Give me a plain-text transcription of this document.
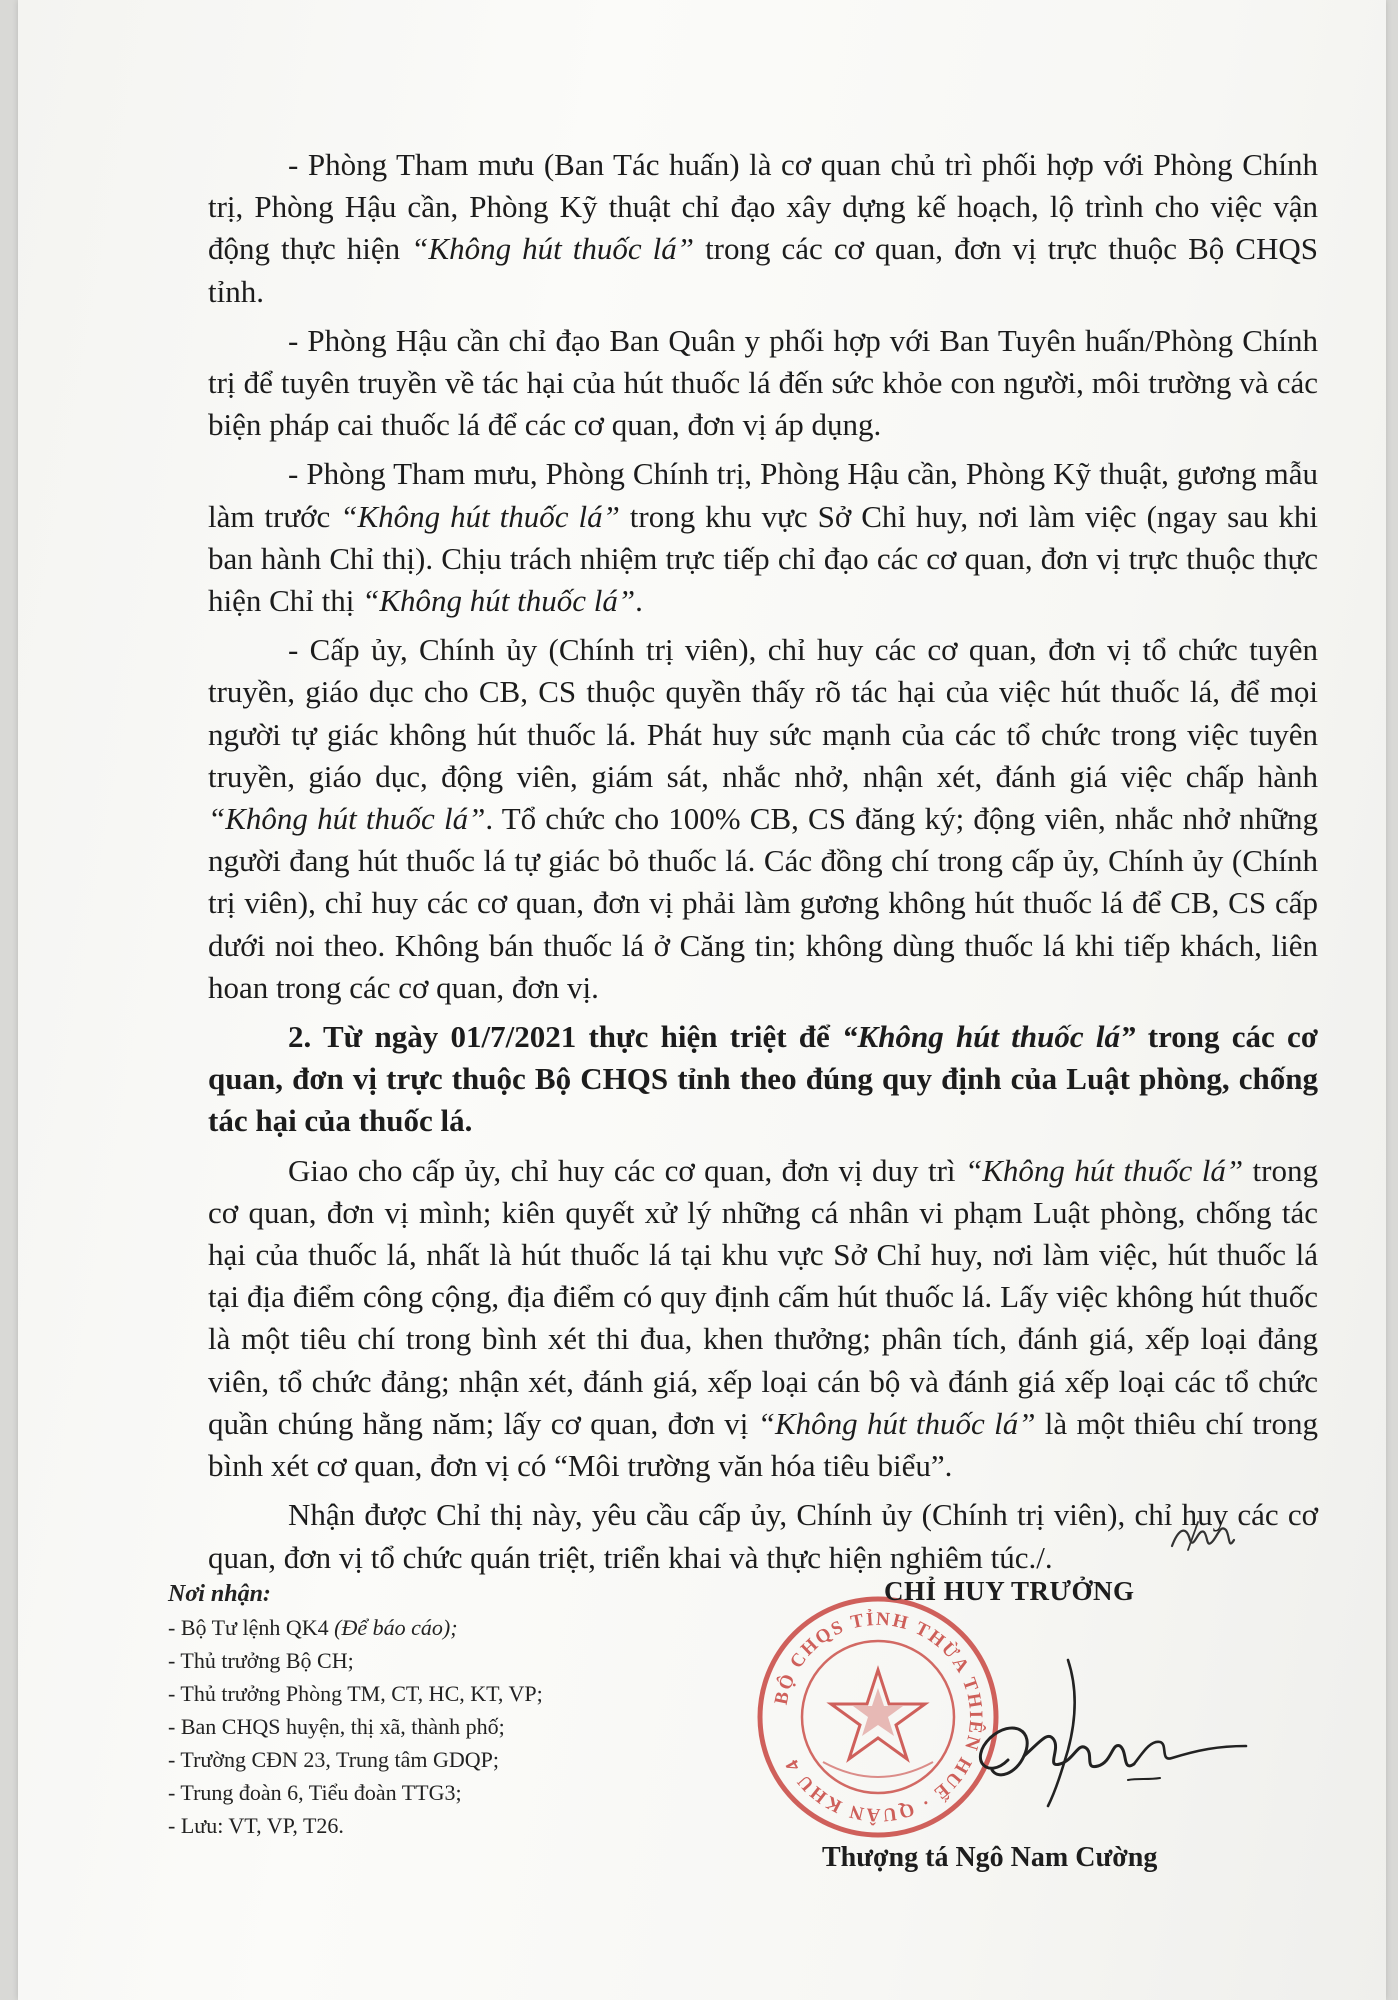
- Phòng Tham mưu (Ban Tác huấn) là cơ quan chủ trì phối hợp với Phòng Chính trị, Phòng Hậu cần, Phòng Kỹ thuật chỉ đạo xây dựng kế hoạch, lộ trình cho việc vận động thực hiện “Không hút thuốc lá” trong các cơ quan, đơn vị trực thuộc Bộ CHQS tỉnh.

- Phòng Hậu cần chỉ đạo Ban Quân y phối hợp với Ban Tuyên huấn/Phòng Chính trị để tuyên truyền về tác hại của hút thuốc lá đến sức khỏe con người, môi trường và các biện pháp cai thuốc lá để các cơ quan, đơn vị áp dụng.

- Phòng Tham mưu, Phòng Chính trị, Phòng Hậu cần, Phòng Kỹ thuật, gương mẫu làm trước “Không hút thuốc lá” trong khu vực Sở Chỉ huy, nơi làm việc (ngay sau khi ban hành Chỉ thị). Chịu trách nhiệm trực tiếp chỉ đạo các cơ quan, đơn vị trực thuộc thực hiện Chỉ thị “Không hút thuốc lá”.

- Cấp ủy, Chính ủy (Chính trị viên), chỉ huy các cơ quan, đơn vị tổ chức tuyên truyền, giáo dục cho CB, CS thuộc quyền thấy rõ tác hại của việc hút thuốc lá, để mọi người tự giác không hút thuốc lá. Phát huy sức mạnh của các tổ chức trong việc tuyên truyền, giáo dục, động viên, giám sát, nhắc nhở, nhận xét, đánh giá việc chấp hành “Không hút thuốc lá”. Tổ chức cho 100% CB, CS đăng ký; động viên, nhắc nhở những người đang hút thuốc lá tự giác bỏ thuốc lá. Các đồng chí trong cấp ủy, Chính ủy (Chính trị viên), chỉ huy các cơ quan, đơn vị phải làm gương không hút thuốc lá để CB, CS cấp dưới noi theo. Không bán thuốc lá ở Căng tin; không dùng thuốc lá khi tiếp khách, liên hoan trong các cơ quan, đơn vị.

2. Từ ngày 01/7/2021 thực hiện triệt để “Không hút thuốc lá” trong các cơ quan, đơn vị trực thuộc Bộ CHQS tỉnh theo đúng quy định của Luật phòng, chống tác hại của thuốc lá.

Giao cho cấp ủy, chỉ huy các cơ quan, đơn vị duy trì “Không hút thuốc lá” trong cơ quan, đơn vị mình; kiên quyết xử lý những cá nhân vi phạm Luật phòng, chống tác hại của thuốc lá, nhất là hút thuốc lá tại khu vực Sở Chỉ huy, nơi làm việc, hút thuốc lá tại địa điểm công cộng, địa điểm có quy định cấm hút thuốc lá. Lấy việc không hút thuốc là một tiêu chí trong bình xét thi đua, khen thưởng; phân tích, đánh giá, xếp loại đảng viên, tổ chức đảng; nhận xét, đánh giá, xếp loại cán bộ và đánh giá xếp loại các tổ chức quần chúng hằng năm; lấy cơ quan, đơn vị “Không hút thuốc lá” là một thiêu chí trong bình xét cơ quan, đơn vị có “Môi trường văn hóa tiêu biểu”.

Nhận được Chỉ thị này, yêu cầu cấp ủy, Chính ủy (Chính trị viên), chỉ huy các cơ quan, đơn vị tổ chức quán triệt, triển khai và thực hiện nghiêm túc./.

Nơi nhận:
- Bộ Tư lệnh QK4 (Để báo cáo);
- Thủ trưởng Bộ CH;
- Thủ trưởng Phòng TM, CT, HC, KT, VP;
- Ban CHQS huyện, thị xã, thành phố;
- Trường CĐN 23, Trung tâm GDQP;
- Trung đoàn 6, Tiểu đoàn TTG3;
- Lưu: VT, VP, T26.
BỘ CHQS TỈNH THỪA THIÊN HUẾ · QUÂN KHU 4
CHỈ HUY TRƯỞNG
Thượng tá Ngô Nam Cường
